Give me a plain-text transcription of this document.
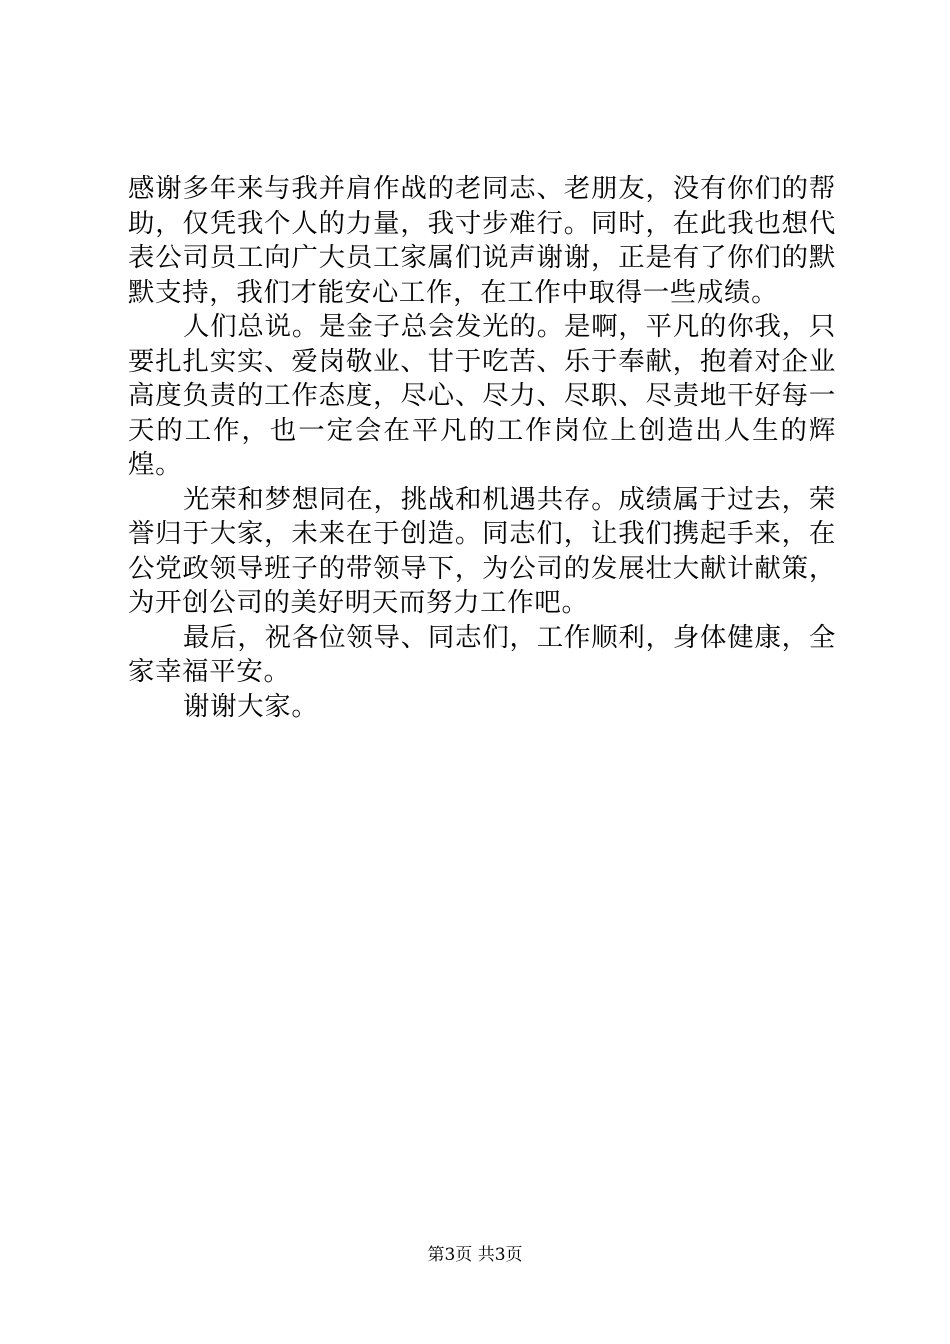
感谢多年来与我并肩作战的老同志、老朋友，没有你们的帮助，仅凭我个人的力量，我寸步难行。同时，在此我也想代表公司员工向广大员工家属们说声谢谢，正是有了你们的默默支持，我们才能安心工作，在工作中取得一些成绩。

人们总说。是金子总会发光的。是啊，平凡的你我，只要扎扎实实、爱岗敬业、甘于吃苦、乐于奉献，抱着对企业高度负责的工作态度，尽心、尽力、尽职、尽责地干好每一天的工作，也一定会在平凡的工作岗位上创造出人生的辉煌。

光荣和梦想同在，挑战和机遇共存。成绩属于过去，荣誉归于大家，未来在于创造。同志们，让我们携起手来，在公党政领导班子的带领导下，为公司的发展壮大献计献策，为开创公司的美好明天而努力工作吧。

最后，祝各位领导、同志们，工作顺利，身体健康，全家幸福平安。

谢谢大家。

第3页 共3页
